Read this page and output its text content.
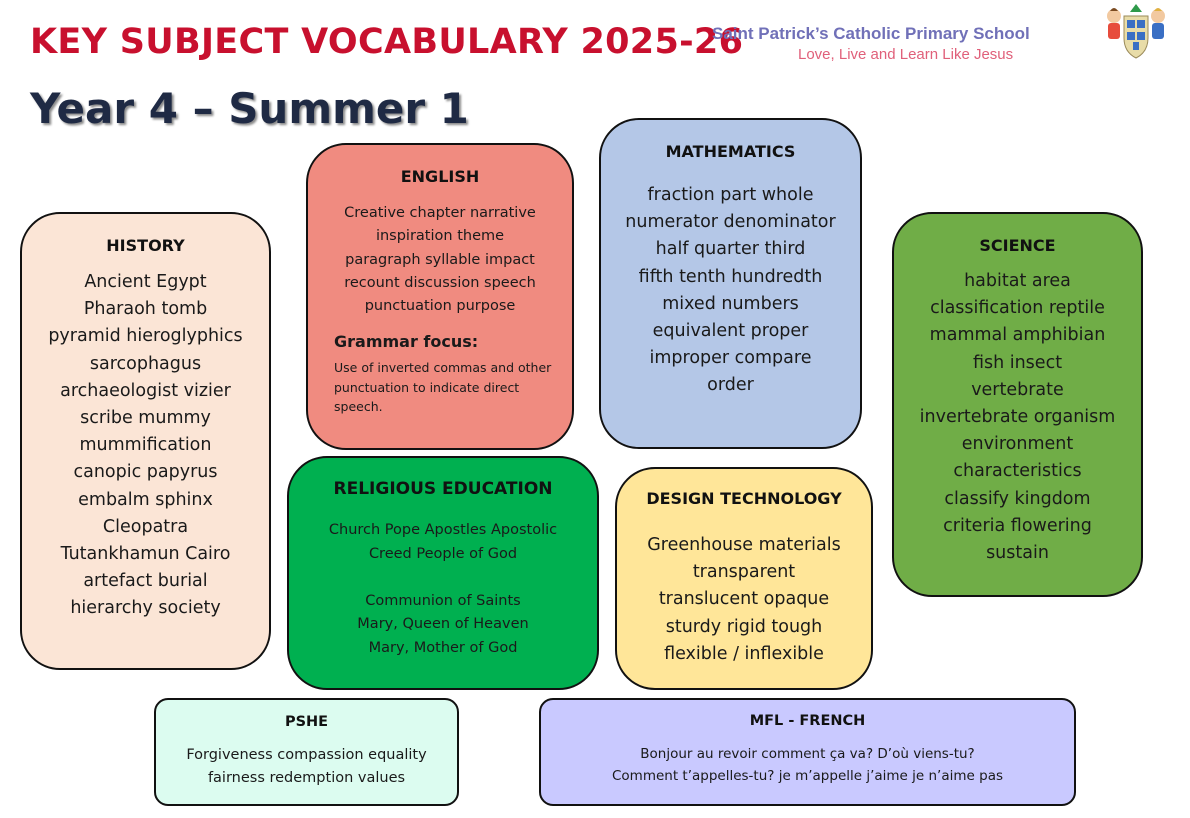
KEY SUBJECT VOCABULARY 2025-26
Year 4 – Summer 1
Saint Patrick’s Catholic Primary School
Love, Live and Learn Like Jesus
HISTORY
Ancient Egypt
Pharaoh tomb
pyramid hieroglyphics
sarcophagus
archaeologist vizier
scribe mummy
mummification
canopic papyrus
embalm sphinx
Cleopatra
Tutankhamun Cairo
artefact burial
hierarchy society
ENGLISH
Creative chapter narrative
inspiration theme
paragraph syllable impact
recount discussion speech
punctuation purpose
Grammar focus:
Use of inverted commas and other punctuation to indicate direct speech.
MATHEMATICS
fraction part whole
numerator denominator
half quarter third
fifth tenth hundredth
mixed numbers
equivalent proper
improper compare
order
SCIENCE
habitat area
classification reptile
mammal amphibian
fish insect
vertebrate
invertebrate organism
environment
characteristics
classify kingdom
criteria flowering
sustain
RELIGIOUS EDUCATION
Church Pope Apostles Apostolic
Creed People of God

Communion of Saints
Mary, Queen of Heaven
Mary, Mother of God
DESIGN TECHNOLOGY
Greenhouse materials
transparent
translucent opaque
sturdy rigid tough
flexible / inflexible
PSHE
Forgiveness compassion equality
fairness redemption values
MFL - FRENCH
Bonjour au revoir comment ça va? D’où viens-tu?
Comment t’appelles-tu? je m’appelle j’aime je n’aime pas
